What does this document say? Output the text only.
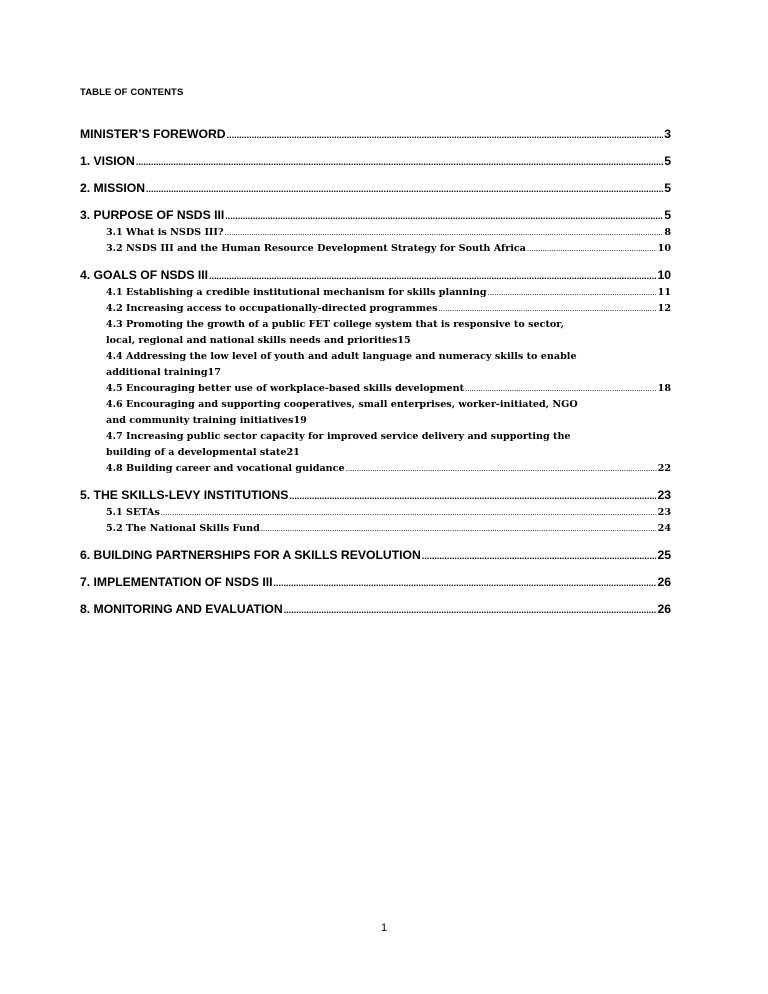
TABLE OF CONTENTS
MINISTER’S FOREWORD .....	3
1. VISION .....	5
2. MISSION .....	5
3. PURPOSE OF NSDS III .....	5
3.1 What is NSDS III? .....	8
3.2 NSDS III and the Human Resource Development Strategy for South Africa .....	10
4. GOALS OF NSDS III .....	10
4.1 Establishing a credible institutional mechanism for skills planning .....	11
4.2 Increasing access to occupationally-directed programmes .....	12
4.3 Promoting the growth of a public FET college system that is responsive to sector,
local, regional and national skills needs and priorities 15
4.4 Addressing the low level of youth and adult language and numeracy skills to enable
additional training 17
4.5 Encouraging better use of workplace-based skills development .....	18
4.6 Encouraging and supporting cooperatives, small enterprises, worker-initiated, NGO
and community training initiatives 19
4.7 Increasing public sector capacity for improved service delivery and supporting the
building of a developmental state 21
4.8 Building career and vocational guidance .....	22
5. THE SKILLS-LEVY INSTITUTIONS .....	23
5.1 SETAs .....	23
5.2 The National Skills Fund .....	24
6. BUILDING PARTNERSHIPS FOR A SKILLS REVOLUTION .....	25
7. IMPLEMENTATION OF NSDS III .....	26
8. MONITORING AND EVALUATION .....	26
1
